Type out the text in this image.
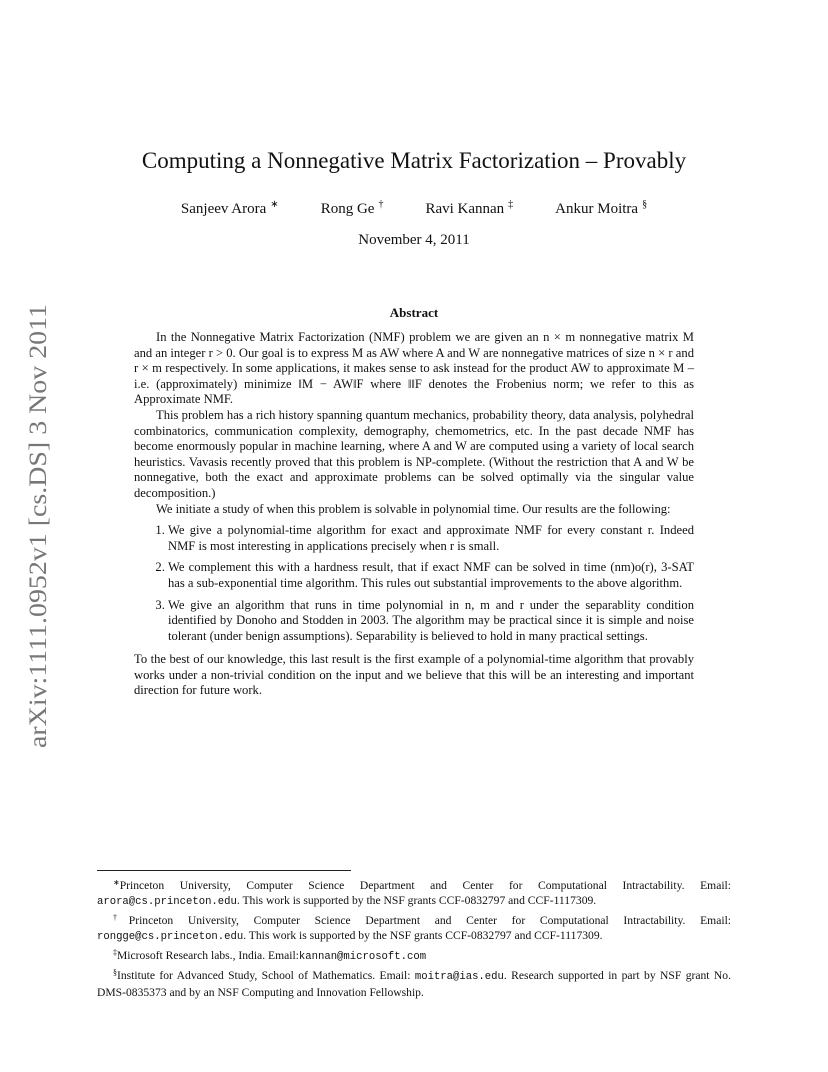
arXiv:1111.0952v1 [cs.DS] 3 Nov 2011
Computing a Nonnegative Matrix Factorization – Provably
Sanjeev Arora ∗	Rong Ge †	Ravi Kannan ‡	Ankur Moitra §
November 4, 2011
Abstract

In the Nonnegative Matrix Factorization (NMF) problem we are given an n × m nonnegative matrix M and an integer r > 0. Our goal is to express M as AW where A and W are nonnegative matrices of size n × r and r × m respectively. In some applications, it makes sense to ask instead for the product AW to approximate M – i.e. (approximately) minimize ‖M − AW‖F where ‖‖F denotes the Frobenius norm; we refer to this as Approximate NMF.

This problem has a rich history spanning quantum mechanics, probability theory, data analysis, polyhedral combinatorics, communication complexity, demography, chemometrics, etc. In the past decade NMF has become enormously popular in machine learning, where A and W are computed using a variety of local search heuristics. Vavasis recently proved that this problem is NP-complete. (Without the restriction that A and W be nonnegative, both the exact and approximate problems can be solved optimally via the singular value decomposition.)

We initiate a study of when this problem is solvable in polynomial time. Our results are the following:

1. We give a polynomial-time algorithm for exact and approximate NMF for every constant r. Indeed NMF is most interesting in applications precisely when r is small.
2. We complement this with a hardness result, that if exact NMF can be solved in time (nm)o(r), 3-SAT has a sub-exponential time algorithm. This rules out substantial improvements to the above algorithm.
3. We give an algorithm that runs in time polynomial in n, m and r under the separablity condition identified by Donoho and Stodden in 2003. The algorithm may be practical since it is simple and noise tolerant (under benign assumptions). Separability is believed to hold in many practical settings.

To the best of our knowledge, this last result is the first example of a polynomial-time algorithm that provably works under a non-trivial condition on the input and we believe that this will be an interesting and important direction for future work.

∗Princeton University, Computer Science Department and Center for Computational Intractability. Email: arora@cs.princeton.edu. This work is supported by the NSF grants CCF-0832797 and CCF-1117309.

†Princeton University, Computer Science Department and Center for Computational Intractability. Email: rongge@cs.princeton.edu. This work is supported by the NSF grants CCF-0832797 and CCF-1117309.

‡Microsoft Research labs., India. Email:kannan@microsoft.com

§Institute for Advanced Study, School of Mathematics. Email: moitra@ias.edu. Research supported in part by NSF grant No. DMS-0835373 and by an NSF Computing and Innovation Fellowship.
